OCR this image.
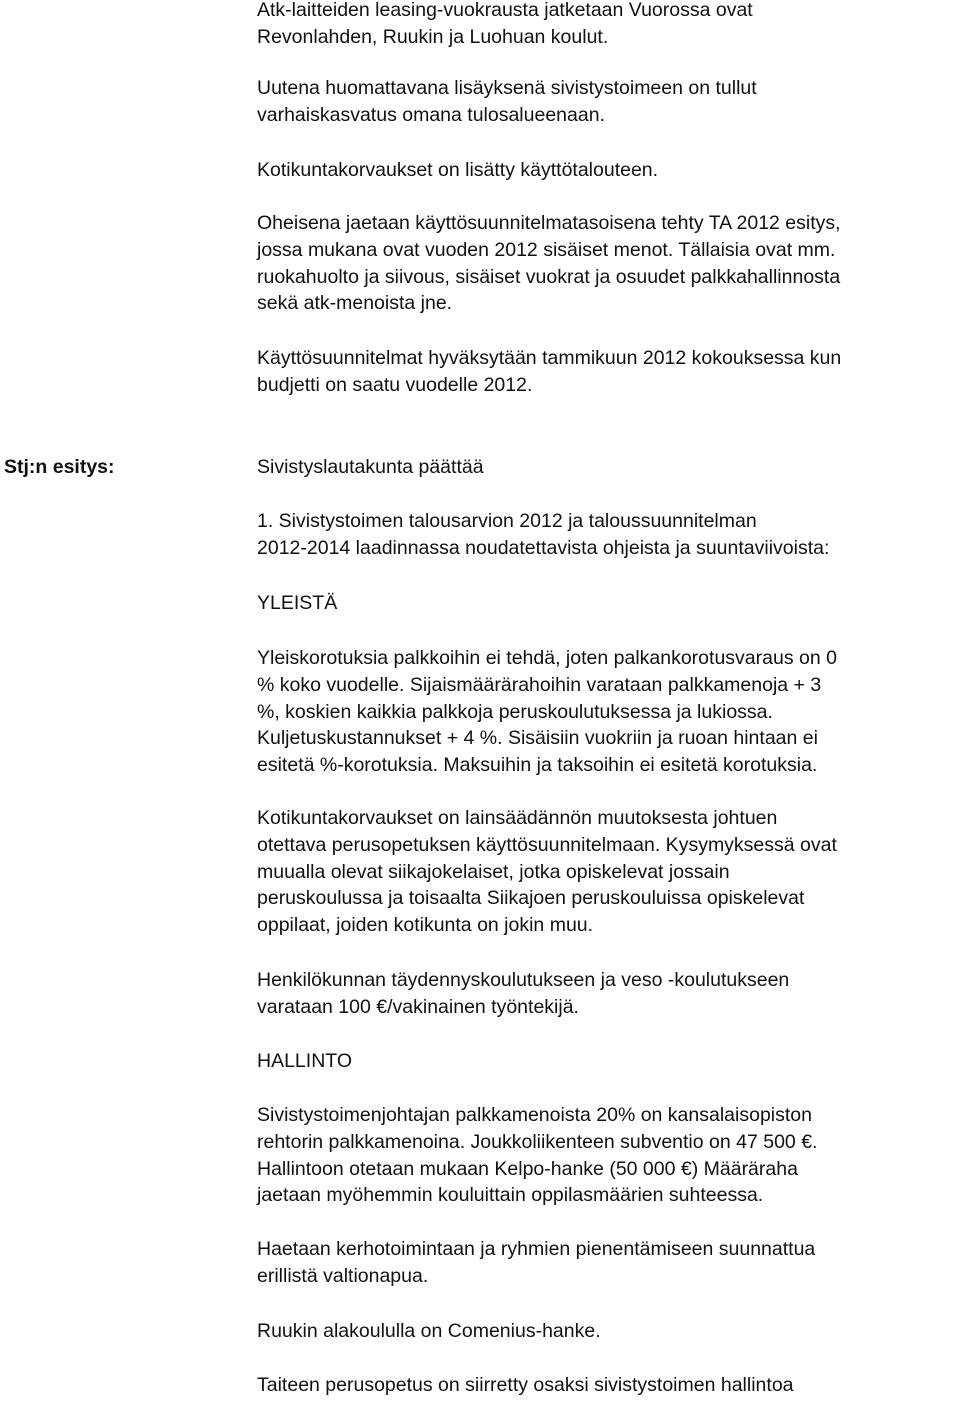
Atk-laitteiden leasing-vuokrausta jatketaan Vuorossa ovat
Revonlahden, Ruukin ja Luohuan koulut.

Uutena huomattavana lisäyksenä sivistystoimeen on tullut
varhaiskasvatus omana tulosalueenaan.

Kotikuntakorvaukset on lisätty käyttötalouteen.

Oheisena jaetaan käyttösuunnitelmatasoisena tehty TA 2012 esitys,
jossa mukana ovat vuoden 2012 sisäiset menot. Tällaisia ovat mm.
ruokahuolto ja siivous, sisäiset vuokrat ja osuudet palkkahallinnosta
sekä atk-menoista jne.

Käyttösuunnitelmat hyväksytään tammikuun 2012 kokouksessa kun
budjetti on saatu vuodelle 2012.

Stj:n esitys:	Sivistyslautakunta päättää

1. Sivistystoimen talousarvion 2012 ja taloussuunnitelman
2012-2014 laadinnassa noudatettavista ohjeista ja suuntaviivoista:

YLEISTÄ

Yleiskorotuksia palkkoihin ei tehdä, joten palkankorotusvaraus on 0
% koko vuodelle. Sijaismäärärahoihin varataan palkkamenoja + 3
%, koskien kaikkia palkkoja peruskoulutuksessa ja lukiossa.
Kuljetuskustannukset + 4 %. Sisäisiin vuokriin ja ruoan hintaan ei
esitetä %-korotuksia. Maksuihin ja taksoihin ei esitetä korotuksia.

Kotikuntakorvaukset on lainsäädännön muutoksesta johtuen
otettava perusopetuksen käyttösuunnitelmaan. Kysymyksessä ovat
muualla olevat siikajokelaiset, jotka opiskelevat jossain
peruskoulussa ja toisaalta Siikajoen peruskouluissa opiskelevat
oppilaat, joiden kotikunta on jokin muu.

Henkilökunnan täydennyskoulutukseen ja veso -koulutukseen
varataan 100 €/vakinainen työntekijä.

HALLINTO

Sivistystoimenjohtajan palkkamenoista 20% on kansalaisopiston
rehtorin palkkamenoina. Joukkoliikenteen subventio on 47 500 €.
Hallintoon otetaan mukaan Kelpo-hanke (50 000 €) Määräraha
jaetaan myöhemmin kouluittain oppilasmäärien suhteessa.

Haetaan kerhotoimintaan ja ryhmien pienentämiseen suunnattua
erillistä valtionapua.

Ruukin alakoululla on Comenius-hanke.

Taiteen perusopetus on siirretty osaksi sivistystoimen hallintoa
